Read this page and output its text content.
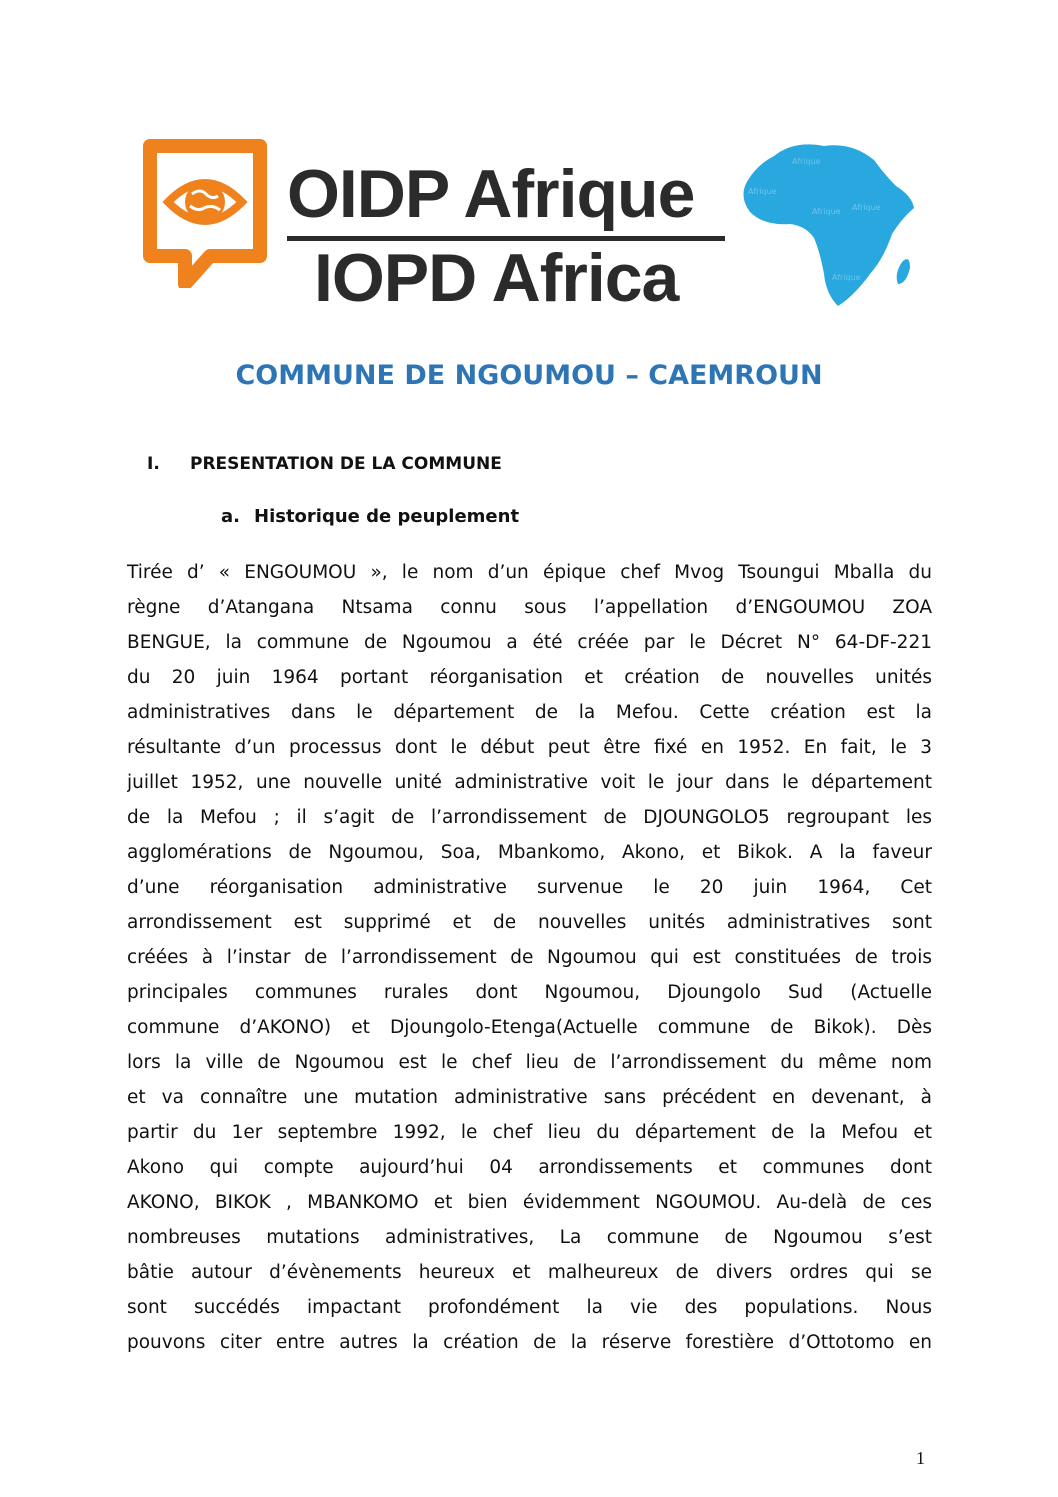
OIDP Afrique
IOPD Africa
Afrique
Afrique
Afrique Afrique
Afrique
COMMUNE DE NGOUMOU – CAEMROUN
I. PRESENTATION DE LA COMMUNE
a. Historique de peuplement
Tirée d’ « ENGOUMOU », le nom d’un épique chef Mvog Tsoungui Mballa du
règne d’Atangana Ntsama connu sous l’appellation d’ENGOUMOU ZOA
BENGUE, la commune de Ngoumou a été créée par le Décret N° 64-DF-221
du 20 juin 1964 portant réorganisation et création de nouvelles unités
administratives dans le département de la Mefou. Cette création est la
résultante d’un processus dont le début peut être fixé en 1952. En fait, le 3
juillet 1952, une nouvelle unité administrative voit le jour dans le département
de la Mefou ; il s’agit de l’arrondissement de DJOUNGOLO5 regroupant les
agglomérations de Ngoumou, Soa, Mbankomo, Akono, et Bikok. A la faveur
d’une réorganisation administrative survenue le 20 juin 1964, Cet
arrondissement est supprimé et de nouvelles unités administratives sont
créées à l’instar de l’arrondissement de Ngoumou qui est constituées de trois
principales communes rurales dont Ngoumou, Djoungolo Sud (Actuelle
commune d’AKONO) et Djoungolo-Etenga(Actuelle commune de Bikok). Dès
lors la ville de Ngoumou est le chef lieu de l’arrondissement du même nom
et va connaître une mutation administrative sans précédent en devenant, à
partir du 1er septembre 1992, le chef lieu du département de la Mefou et
Akono qui compte aujourd’hui 04 arrondissements et communes dont
AKONO, BIKOK , MBANKOMO et bien évidemment NGOUMOU. Au-delà de ces
nombreuses mutations administratives, La commune de Ngoumou s’est
bâtie autour d’évènements heureux et malheureux de divers ordres qui se
sont succédés impactant profondément la vie des populations. Nous
pouvons citer entre autres la création de la réserve forestière d’Ottotomo en
1
